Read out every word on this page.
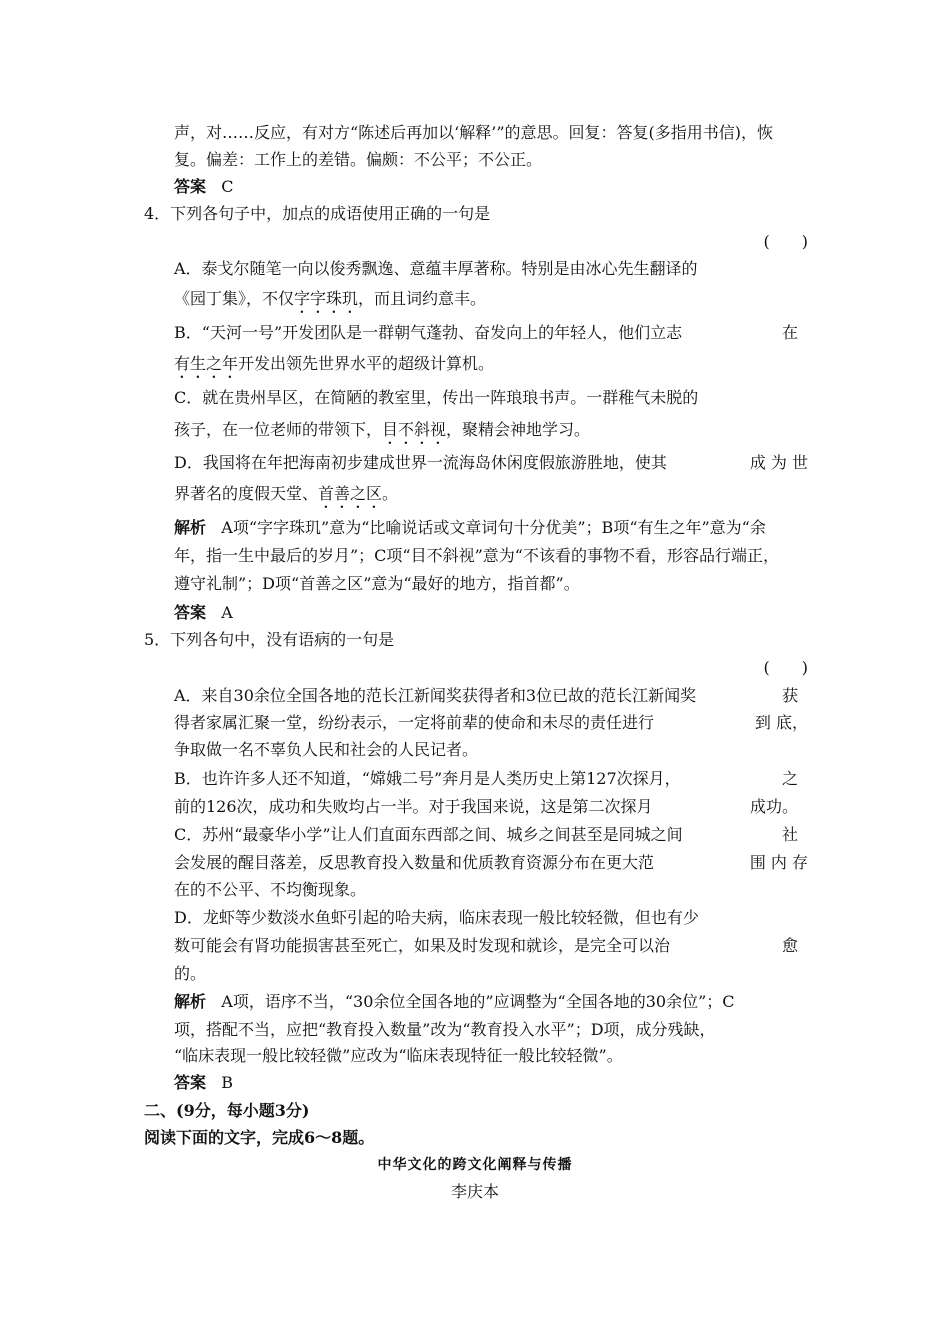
声，对……反应，有对方“陈述后再加以‘解释’”的意思。回复：答复(多指用书信)，恢
复。偏差：工作上的差错。偏颇：不公平；不公正。
答案 C
4．下列各句子中，加点的成语使用正确的一句是
(　　)
A．泰戈尔随笔一向以俊秀飘逸、意蕴丰厚著称。特别是由冰心先生翻译的
《园丁集》，不仅字字珠玑，而且词约意丰。
B．“天河一号”开发团队是一群朝气蓬勃、奋发向上的年轻人，他们立志	在
有生之年开发出领先世界水平的超级计算机。
C．就在贵州旱区，在简陋的教室里，传出一阵琅琅书声。一群稚气未脱的
孩子，在一位老师的带领下，目不斜视，聚精会神地学习。
D．我国将在年把海南初步建成世界一流海岛休闲度假旅游胜地，使其	成 为 世
界著名的度假天堂、首善之区。
解析 A项“字字珠玑”意为“比喻说话或文章词句十分优美”；B项“有生之年”意为“余
年，指一生中最后的岁月”；C项“目不斜视”意为“不该看的事物不看，形容品行端正，
遵守礼制”；D项“首善之区”意为“最好的地方，指首都”。
答案 A
5．下列各句中，没有语病的一句是
(　　)
A．来自30余位全国各地的范长江新闻奖获得者和3位已故的范长江新闻奖	获
得者家属汇聚一堂，纷纷表示，一定将前辈的使命和未尽的责任进行	到 底，
争取做一名不辜负人民和社会的人民记者。
B．也许许多人还不知道，“嫦娥二号”奔月是人类历史上第127次探月，	之
前的126次，成功和失败均占一半。对于我国来说，这是第二次探月	成功。
C．苏州“最豪华小学”让人们直面东西部之间、城乡之间甚至是同城之间	社
会发展的醒目落差，反思教育投入数量和优质教育资源分布在更大范	围 内 存
在的不公平、不均衡现象。
D．龙虾等少数淡水鱼虾引起的哈夫病，临床表现一般比较轻微，但也有少
数可能会有肾功能损害甚至死亡，如果及时发现和就诊，是完全可以治	愈
的。
解析 A项，语序不当，“30余位全国各地的”应调整为“全国各地的30余位”；C
项，搭配不当，应把“教育投入数量”改为“教育投入水平”；D项，成分残缺，
“临床表现一般比较轻微”应改为“临床表现特征一般比较轻微”。
答案 B
二、(9分，每小题3分)
阅读下面的文字，完成6～8题。
中华文化的跨文化阐释与传播
李庆本
